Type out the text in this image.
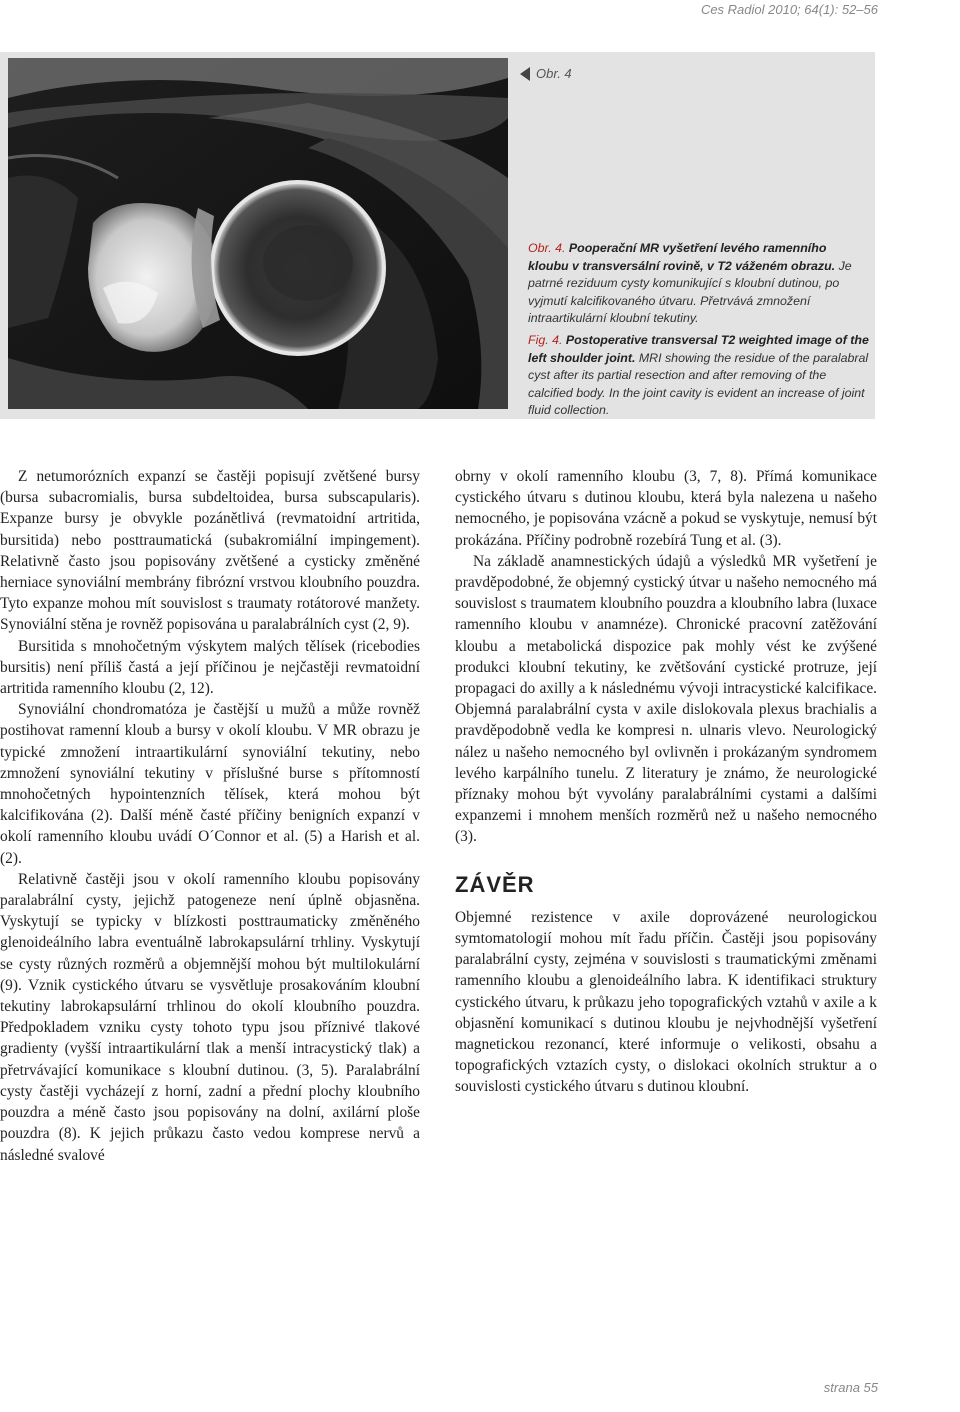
Ces Radiol 2010; 64(1): 52–56
Obr. 4

Obr. 4. Pooperační MR vyšetření levého ramenního kloubu v transversální rovině, v T2 váženém obrazu. Je patrné reziduum cysty komunikující s kloubní dutinou, po vyjmutí kalcifikovaného útvaru. Přetrvává zmnožení intraartikulární kloubní tekutiny.

Fig. 4. Postoperative transversal T2 weighted image of the left shoulder joint. MRI showing the residue of the paralabral cyst after its partial resection and after removing of the calcified body. In the joint cavity is evident an increase of joint fluid collection.

Z netumorózních expanzí se častěji popisují zvětšené bursy (bursa subacromialis, bursa subdeltoidea, bursa subscapularis). Expanze bursy je obvykle pozánětlivá (revmatoidní artritida, bursitida) nebo posttraumatická (subakromiální impingement). Relativně často jsou popisovány zvětšené a cysticky změněné herniace synoviální membrány fibrózní vrstvou kloubního pouzdra. Tyto expanze mohou mít souvislost s traumaty rotátorové manžety. Synoviální stěna je rovněž popisována u paralabrálních cyst (2, 9).

Bursitida s mnohočetným výskytem malých tělísek (ricebodies bursitis) není příliš častá a její příčinou je nejčastěji revmatoidní artritida ramenního kloubu (2, 12).

Synoviální chondromatóza je častější u mužů a může rovněž postihovat ramenní kloub a bursy v okolí kloubu. V MR obrazu je typické zmnožení intraartikulární synoviální tekutiny, nebo zmnožení synoviální tekutiny v příslušné burse s přítomností mnohočetných hypointenzních tělísek, která mohou být kalcifikována (2). Další méně časté příčiny benigních expanzí v okolí ramenního kloubu uvádí O´Connor et al. (5) a Harish et al. (2).

Relativně častěji jsou v okolí ramenního kloubu popisovány paralabrální cysty, jejichž patogeneze není úplně objasněna. Vyskytují se typicky v blízkosti posttraumaticky změněného glenoideálního labra eventuálně labrokapsulární trhliny. Vyskytují se cysty různých rozměrů a objemnější mohou být multilokulární (9). Vznik cystického útvaru se vysvětluje prosakováním kloubní tekutiny labrokapsulární trhlinou do okolí kloubního pouzdra. Předpokladem vzniku cysty tohoto typu jsou příznivé tlakové gradienty (vyšší intraartikulární tlak a menší intracystický tlak) a přetrvávající komunikace s kloubní dutinou. (3, 5). Paralabrální cysty častěji vycházejí z horní, zadní a přední plochy kloubního pouzdra a méně často jsou popisovány na dolní, axilární ploše pouzdra (8). K jejich průkazu často vedou komprese nervů a následné svalové

obrny v okolí ramenního kloubu (3, 7, 8). Přímá komunikace cystického útvaru s dutinou kloubu, která byla nalezena u našeho nemocného, je popisována vzácně a pokud se vyskytuje, nemusí být prokázána. Příčiny podrobně rozebírá Tung et al. (3).

Na základě anamnestických údajů a výsledků MR vyšetření je pravděpodobné, že objemný cystický útvar u našeho nemocného má souvislost s traumatem kloubního pouzdra a kloubního labra (luxace ramenního kloubu v anamnéze). Chronické pracovní zatěžování kloubu a metabolická dispozice pak mohly vést ke zvýšené produkci kloubní tekutiny, ke zvětšování cystické protruze, její propagaci do axilly a k následnému vývoji intracystické kalcifikace. Objemná paralabrální cysta v axile dislokovala plexus brachialis a pravděpodobně vedla ke kompresi n. ulnaris vlevo. Neurologický nález u našeho nemocného byl ovlivněn i prokázaným syndromem levého karpálního tunelu. Z literatury je známo, že neurologické příznaky mohou být vyvolány paralabrálními cystami a dalšími expanzemi i mnohem menších rozměrů než u našeho nemocného (3).

ZÁVĚR

Objemné rezistence v axile doprovázené neurologickou symtomatologií mohou mít řadu příčin. Častěji jsou popisovány paralabrální cysty, zejména v souvislosti s traumatickými změnami ramenního kloubu a glenoideálního labra. K identifikaci struktury cystického útvaru, k průkazu jeho topografických vztahů v axile a k objasnění komunikací s dutinou kloubu je nejvhodnější vyšetření magnetickou rezonancí, které informuje o velikosti, obsahu a topografických vztazích cysty, o dislokaci okolních struktur a o souvislosti cystického útvaru s dutinou kloubní.

strana 55
